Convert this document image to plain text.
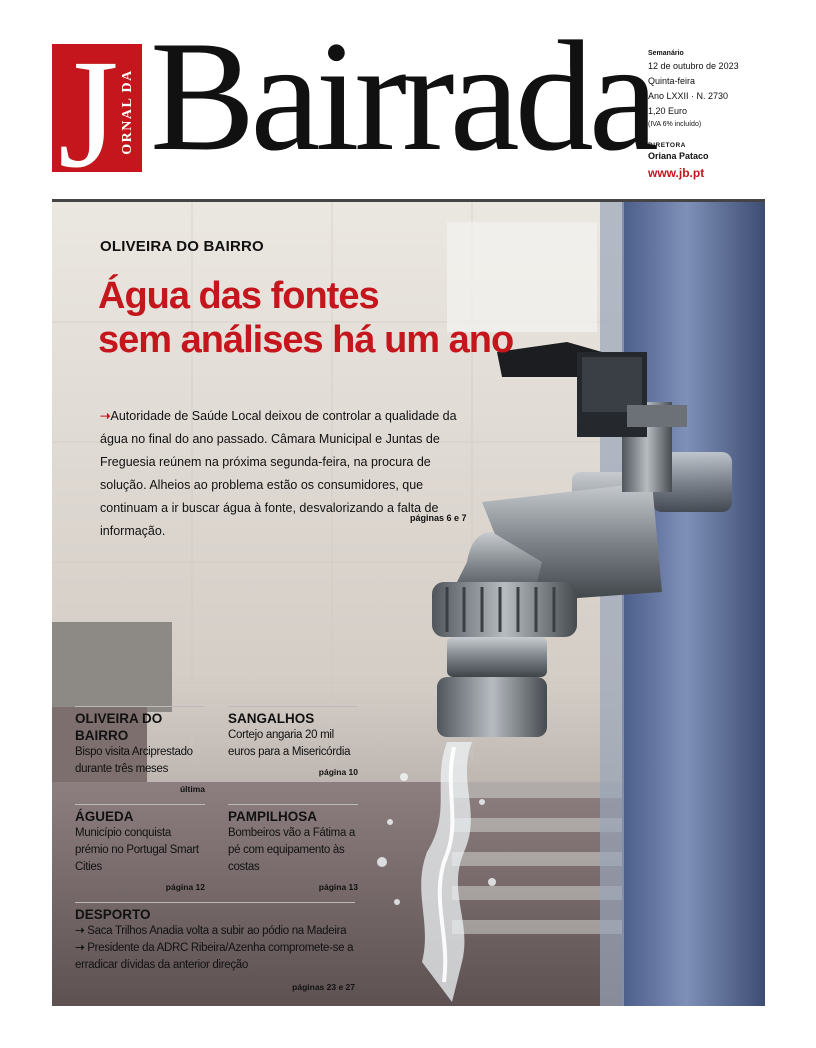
J ORNAL DA Bairrada
Semanário
12 de outubro de 2023
Quinta-feira
Ano LXXII · N. 2730
1,20 Euro
(IVA 6% incluído)
DIRETORA
Oriana Pataco
www.jb.pt
OLIVEIRA DO BAIRRO
Água das fontes
sem análises há um ano

➝Autoridade de Saúde Local deixou de controlar a qualidade da água no final do ano passado. Câmara Municipal e Juntas de Freguesia reúnem na próxima segunda-feira, na procura de solução. Alheios ao problema estão os consumidores, que continuam a ir buscar água à fonte, desvalorizando a falta de informação.

páginas 6 e 7
OLIVEIRA DO BAIRRO
Bispo visita Arciprestado durante três meses
última
SANGALHOS
Cortejo angaria 20 mil euros para a Misericórdia
página 10
ÁGUEDA
Município conquista prémio no Portugal Smart Cities
página 12
PAMPILHOSA
Bombeiros vão a Fátima a pé com equipamento às costas
página 13
DESPORTO
➝ Saca Trilhos Anadia volta a subir ao pódio na Madeira
➝ Presidente da ADRC Ribeira/Azenha compromete-se a erradicar dívidas da anterior direção
páginas 23 e 27
